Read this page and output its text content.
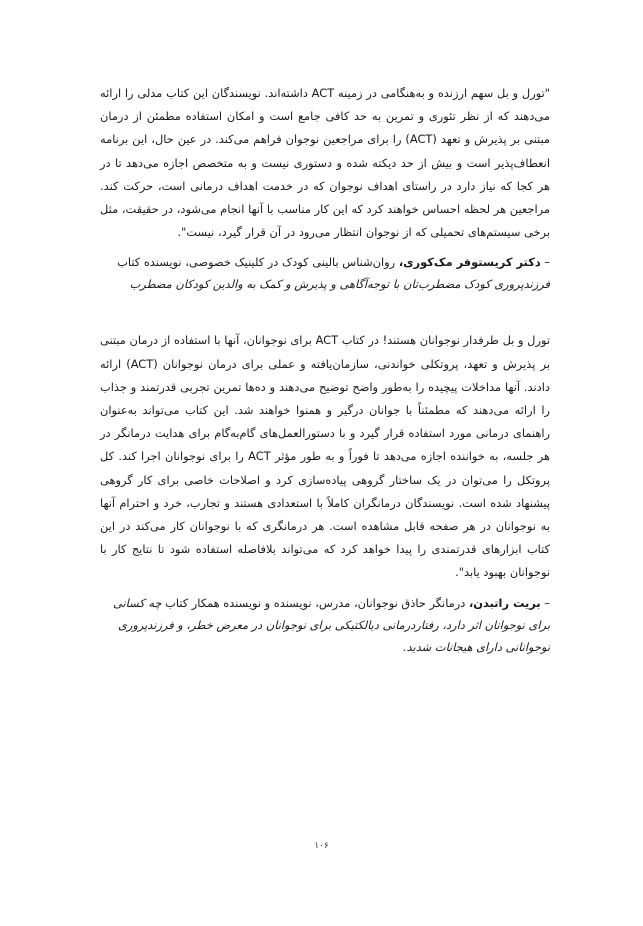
"تورل و بل سهم ارزنده و به‌هنگامی در زمینه ACT داشته‌اند. نویسندگان این کتاب مدلی را ارائه می‌دهند که از نظر تئوری و تمرین به حد کافی جامع است و امکان استفاده مطمئن از درمان مبتنی بر پذیرش و تعهد (ACT) را برای مراجعین نوجوان فراهم می‌کند. در عین حال، این برنامه انعطاف‌پذیر است و بیش از حد دیکته شده و دستوری نیست و به متخصص اجازه می‌دهد تا در هر کجا که نیاز دارد در راستای اهداف نوجوان که در خدمت اهداف درمانی است، حرکت کند. مراجعین هر لحظه احساس خواهند کرد که این کار مناسب با آنها انجام می‌شود، در حقیقت، مثل برخی سیستم‌های تحمیلی که از نوجوان انتظار می‌رود در آن قرار گیرد، نیست".

– دکتر کریستوفر مک‌کوری، روان‌شناس بالینی کودک در کلینیک خصوصی، نویسنده کتاب فرزندپروری کودک مضطرب‌تان با توجه‌آگاهی و پذیرش و کمک به والدین کودکان مضطرب

تورل و بل طرفدار نوجوانان هستند! در کتاب ACT برای نوجوانان، آنها با استفاده از درمان مبتنی بر پذیرش و تعهد، پروتکلی خواندنی، سازمان‌یافته و عملی برای درمان نوجوانان (ACT) ارائه دادند. آنها مداخلات پیچیده را به‌طور واضح توضیح می‌دهند و ده‌ها تمرین تجربی قدرتمند و جذاب را ارائه می‌دهند که مطمئناً با جوانان درگیر و همنوا خواهند شد. این کتاب می‌تواند به‌عنوان راهنمای درمانی مورد استفاده قرار گیرد و با دستورالعمل‌های گام‌به‌گام برای هدایت درمانگر در هر جلسه، به خواننده اجازه می‌دهد تا فوراً و به طور مؤثر ACT را برای نوجوانان اجرا کند. کل پروتکل را می‌توان در یک ساختار گروهی پیاده‌سازی کرد و اصلاحات خاصی برای کار گروهی پیشنهاد شده است. نویسندگان درمانگران کاملاً با استعدادی هستند و تجارب، خرد و احترام آنها به نوجوانان در هر صفحه قابل مشاهده است. هر درمانگری که با نوجوانان کار می‌کند در این کتاب ابزارهای قدرتمندی را پیدا خواهد کرد که می‌تواند بلافاصله استفاده شود تا نتایج کار با نوجوانان بهبود یابد".

– بریت راتبدن، درمانگر حاذق نوجوانان، مدرس، نویسنده و نویسنده همکار کتاب چه کسانی برای نوجوانان اثر دارد، رفتاردرمانی دیالکتیکی برای نوجوانان در معرض خطر، و فرزندپروری نوجوانانی دارای هیجانات شدید.
۱۰۶
